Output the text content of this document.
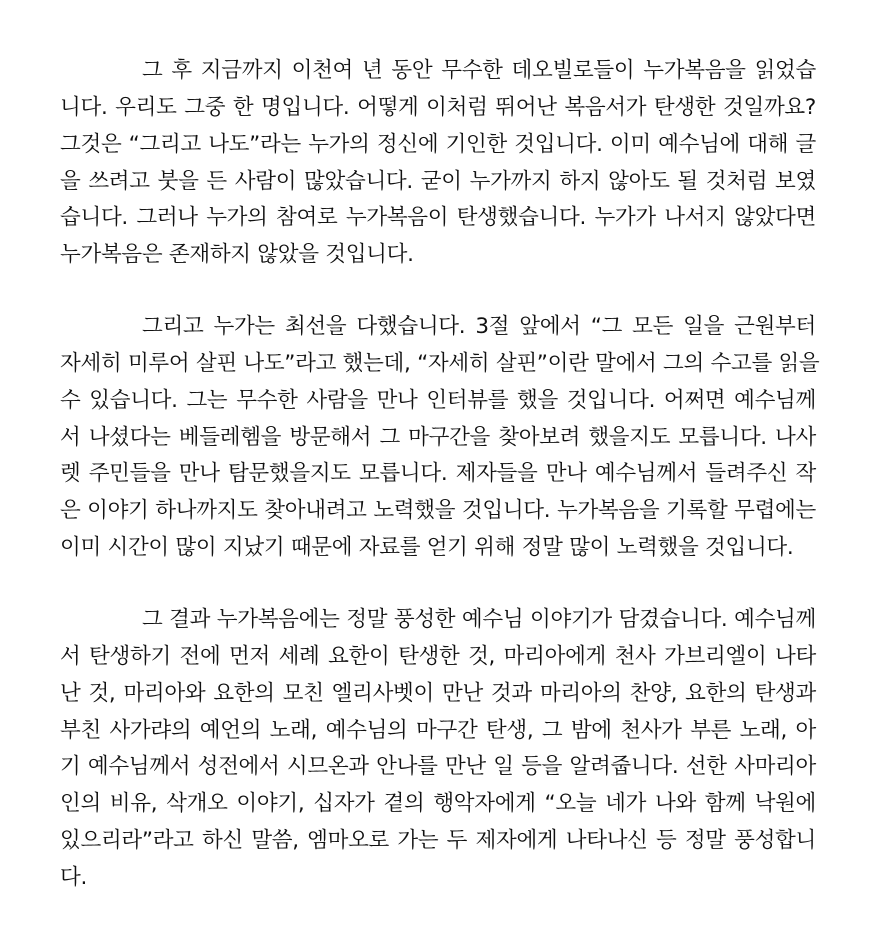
그 후 지금까지 이천여 년 동안 무수한 데오빌로들이 누가복음을 읽었습
니다. 우리도 그중 한 명입니다. 어떻게 이처럼 뛰어난 복음서가 탄생한 것일까요?
그것은 “그리고 나도”라는 누가의 정신에 기인한 것입니다. 이미 예수님에 대해 글
을 쓰려고 붓을 든 사람이 많았습니다. 굳이 누가까지 하지 않아도 될 것처럼 보였
습니다. 그러나 누가의 참여로 누가복음이 탄생했습니다. 누가가 나서지 않았다면
누가복음은 존재하지 않았을 것입니다.
그리고 누가는 최선을 다했습니다. 3절 앞에서 “그 모든 일을 근원부터
자세히 미루어 살핀 나도”라고 했는데, “자세히 살핀”이란 말에서 그의 수고를 읽을
수 있습니다. 그는 무수한 사람을 만나 인터뷰를 했을 것입니다. 어쩌면 예수님께
서 나셨다는 베들레헴을 방문해서 그 마구간을 찾아보려 했을지도 모릅니다. 나사
렛 주민들을 만나 탐문했을지도 모릅니다. 제자들을 만나 예수님께서 들려주신 작
은 이야기 하나까지도 찾아내려고 노력했을 것입니다. 누가복음을 기록할 무렵에는
이미 시간이 많이 지났기 때문에 자료를 얻기 위해 정말 많이 노력했을 것입니다.
그 결과 누가복음에는 정말 풍성한 예수님 이야기가 담겼습니다. 예수님께
서 탄생하기 전에 먼저 세례 요한이 탄생한 것, 마리아에게 천사 가브리엘이 나타
난 것, 마리아와 요한의 모친 엘리사벳이 만난 것과 마리아의 찬양, 요한의 탄생과
부친 사가랴의 예언의 노래, 예수님의 마구간 탄생, 그 밤에 천사가 부른 노래, 아
기 예수님께서 성전에서 시므온과 안나를 만난 일 등을 알려줍니다. 선한 사마리아
인의 비유, 삭개오 이야기, 십자가 곁의 행악자에게 “오늘 네가 나와 함께 낙원에
있으리라”라고 하신 말씀, 엠마오로 가는 두 제자에게 나타나신 등 정말 풍성합니
다.
